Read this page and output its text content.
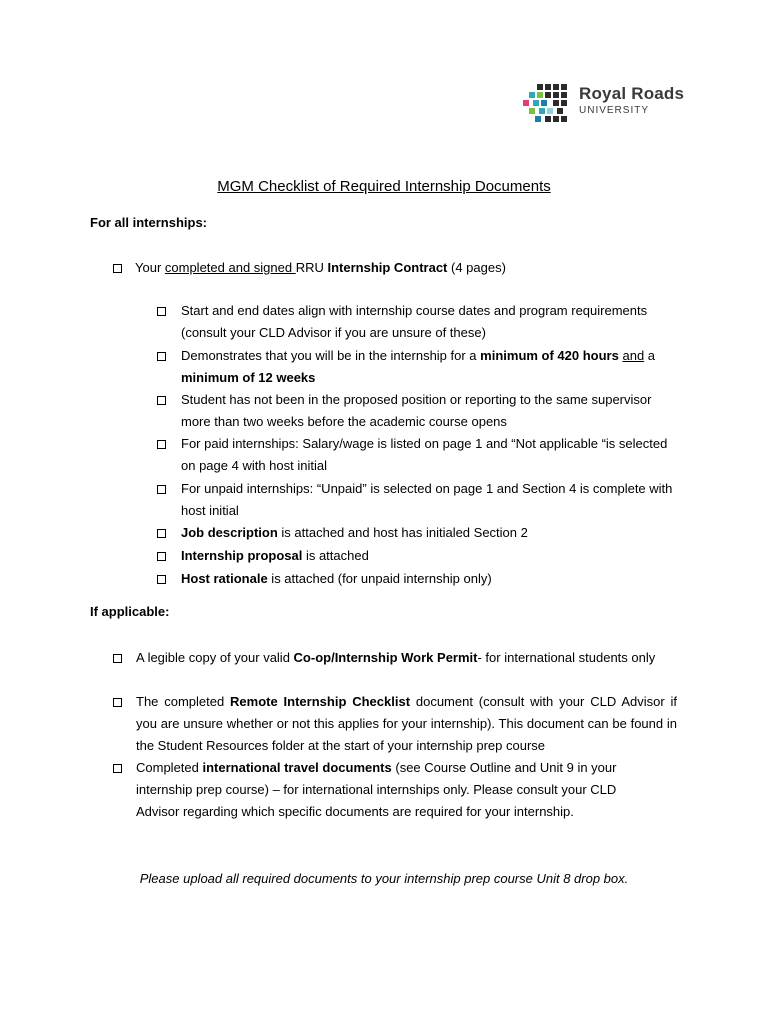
Royal Roads
UNIVERSITY
MGM Checklist of Required Internship Documents
For all internships:
Your completed and signed RRU Internship Contract (4 pages)
Start and end dates align with internship course dates and program requirements (consult your CLD Advisor if you are unsure of these)
Demonstrates that you will be in the internship for a minimum of 420 hours and a minimum of 12 weeks
Student has not been in the proposed position or reporting to the same supervisor more than two weeks before the academic course opens
For paid internships: Salary/wage is listed on page 1 and “Not applicable “is selected on page 4 with host initial
For unpaid internships: “Unpaid” is selected on page 1 and Section 4 is complete with host initial
Job description is attached and host has initialed Section 2
Internship proposal is attached
Host rationale is attached (for unpaid internship only)
If applicable:
A legible copy of your valid Co-op/Internship Work Permit- for international students only
The completed Remote Internship Checklist document (consult with your CLD Advisor if you are unsure whether or not this applies for your internship). This document can be found in the Student Resources folder at the start of your internship prep course
Completed international travel documents (see Course Outline and Unit 9 in your internship prep course) – for international internships only. Please consult your CLD Advisor regarding which specific documents are required for your internship.
Please upload all required documents to your internship prep course Unit 8 drop box.
